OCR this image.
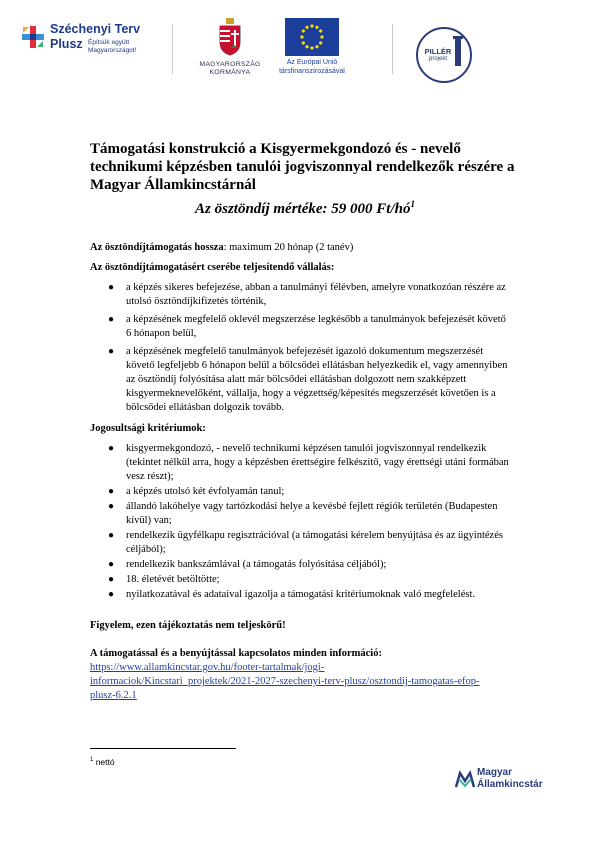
Széchenyi Terv
Plusz Építsük együtt Magyarországot!
MAGYARORSZÁG
KORMÁNYA
Az Európai Unió
társfinanszírozásával
PILLÉR
projekt
Támogatási konstrukció a Kisgyermekgondozó és - nevelő technikumi képzésben tanulói jogviszonnyal rendelkezők részére a Magyar Államkincstárnál
Az ösztöndíj mértéke: 59 000 $Ft/hó^1$
Az ösztöndíjtámogatás hossza: maximum 20 hónap (2 tanév)
Az ösztöndíjtámogatásért cserébe teljesítendő vállalás:
● a képzés sikeres befejezése, abban a tanulmányi félévben, amelyre vonatkozóan részére az utolsó ösztöndíjkifizetés történik,
● a képzésének megfelelő oklevél megszerzése legkésőbb a tanulmányok befejezését követő 6 hónapon belül,
● a képzésének megfelelő tanulmányok befejezését igazoló dokumentum megszerzését követő legfeljebb 6 hónapon belül a bölcsődei ellátásban helyezkedik el, vagy amennyiben az ösztöndíj folyósítása alatt már bölcsődei ellátásban dolgozott nem szakképzett kisgyermeknevelőként, vállalja, hogy a végzettség/képesítés megszerzését követően is a bölcsődei ellátásban dolgozik tovább.
Jogosultsági kritériumok:
● kisgyermekgondozó, - nevelő technikumi képzésen tanulói jogviszonnyal rendelkezik (tekintet nélkül arra, hogy a képzésben érettségire felkészítő, vagy érettségi utáni formában vesz részt);
● a képzés utolsó két évfolyamán tanul;
● állandó lakóhelye vagy tartózkodási helye a kevésbé fejlett régiók területén (Budapesten kívül) van;
● rendelkezik ügyfélkapu regisztrációval (a támogatási kérelem benyújtása és az ügyintézés céljából);
● rendelkezik bankszámlával (a támogatás folyósítása céljából);
● 18. életévét betöltötte;
● nyilatkozatával és adataival igazolja a támogatási kritériumoknak való megfelelést.
Figyelem, ezen tájékoztatás nem teljeskörű!
A támogatással és a benyújtással kapcsolatos minden információ:
https://www.allamkincstar.gov.hu/footer-tartalmak/jogi-
informaciok/Kincstari_projektek/2021-2027-szechenyi-terv-plusz/osztondij-tamogatas-efop-
plusz-6.2.1
$^1$ nettó
Magyar
Államkincstár
